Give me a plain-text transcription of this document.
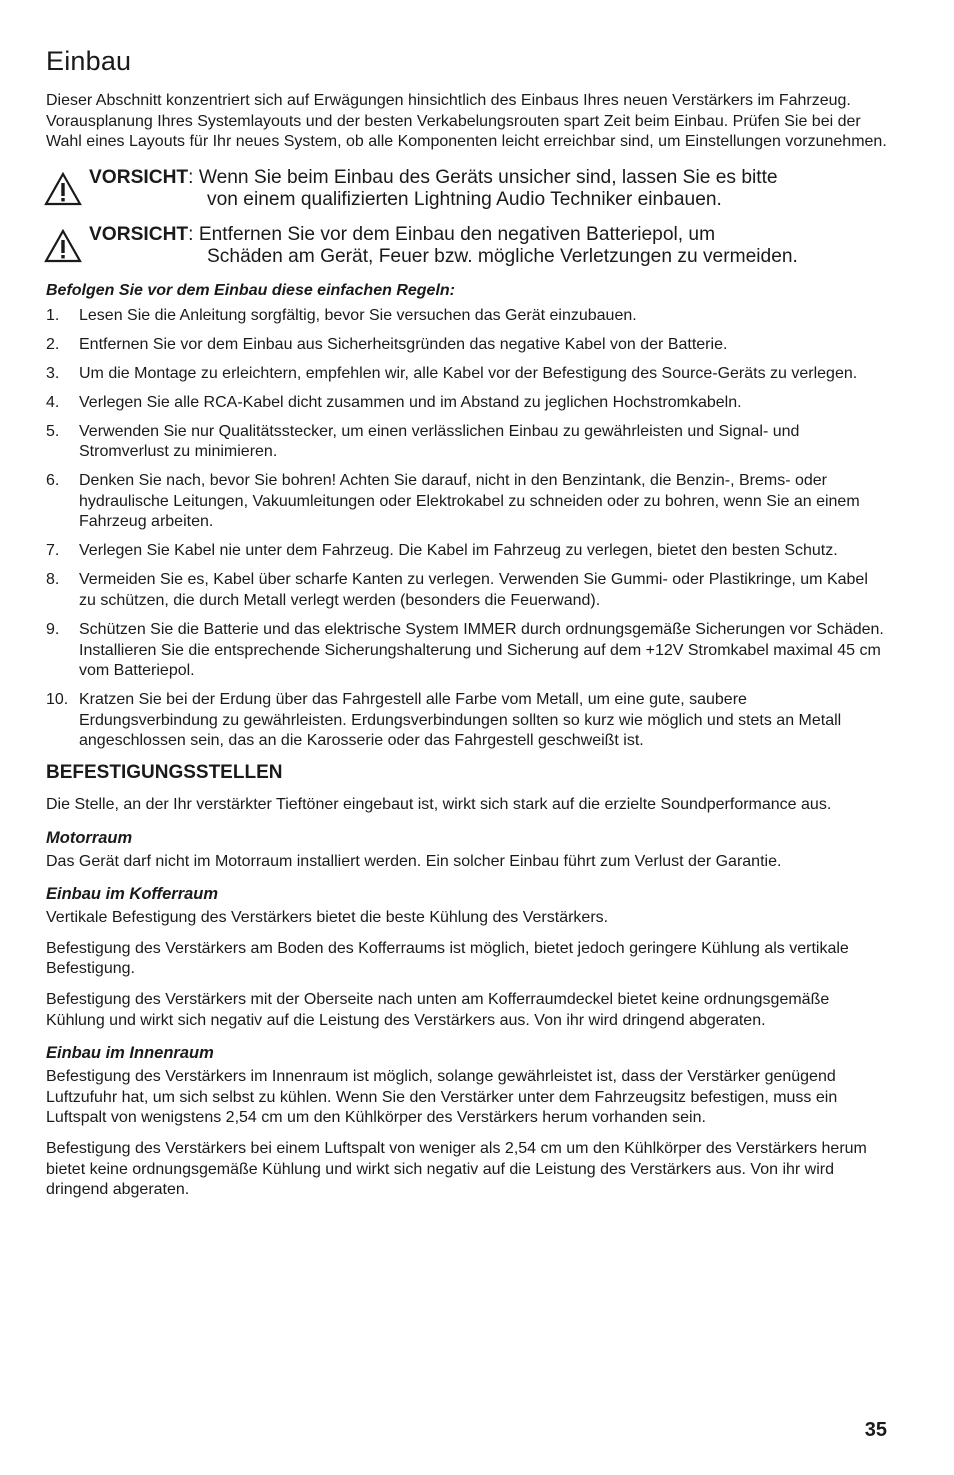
Einbau

Dieser Abschnitt konzentriert sich auf Erwägungen hinsichtlich des Einbaus Ihres neuen Verstärkers im Fahrzeug. Vorausplanung Ihres Systemlayouts und der besten Verkabelungsrouten spart Zeit beim Einbau. Prüfen Sie bei der Wahl eines Layouts für Ihr neues System, ob alle Komponenten leicht erreichbar sind, um Einstellungen vorzunehmen.

VORSICHT: Wenn Sie beim Einbau des Geräts unsicher sind, lassen Sie es bitte
von einem qualifizierten Lightning Audio Techniker einbauen.
VORSICHT: Entfernen Sie vor dem Einbau den negativen Batteriepol, um
Schäden am Gerät, Feuer bzw. mögliche Verletzungen zu vermeiden.

Befolgen Sie vor dem Einbau diese einfachen Regeln:

1. Lesen Sie die Anleitung sorgfältig, bevor Sie versuchen das Gerät einzubauen.
2. Entfernen Sie vor dem Einbau aus Sicherheitsgründen das negative Kabel von der Batterie.
3. Um die Montage zu erleichtern, empfehlen wir, alle Kabel vor der Befestigung des Source-Geräts zu verlegen.
4. Verlegen Sie alle RCA-Kabel dicht zusammen und im Abstand zu jeglichen Hochstromkabeln.
5. Verwenden Sie nur Qualitätsstecker, um einen verlässlichen Einbau zu gewährleisten und Signal- und Stromverlust zu minimieren.
6. Denken Sie nach, bevor Sie bohren! Achten Sie darauf, nicht in den Benzintank, die Benzin-, Brems- oder hydraulische Leitungen, Vakuumleitungen oder Elektrokabel zu schneiden oder zu bohren, wenn Sie an einem Fahrzeug arbeiten.
7. Verlegen Sie Kabel nie unter dem Fahrzeug. Die Kabel im Fahrzeug zu verlegen, bietet den besten Schutz.
8. Vermeiden Sie es, Kabel über scharfe Kanten zu verlegen. Verwenden Sie Gummi- oder Plastikringe, um Kabel zu schützen, die durch Metall verlegt werden (besonders die Feuerwand).
9. Schützen Sie die Batterie und das elektrische System IMMER durch ordnungsgemäße Sicherungen vor Schäden. Installieren Sie die entsprechende Sicherungshalterung und Sicherung auf dem +12V Stromkabel maximal 45 cm vom Batteriepol.
10. Kratzen Sie bei der Erdung über das Fahrgestell alle Farbe vom Metall, um eine gute, saubere Erdungsverbindung zu gewährleisten. Erdungsverbindungen sollten so kurz wie möglich und stets an Metall angeschlossen sein, das an die Karosserie oder das Fahrgestell geschweißt ist.
BEFESTIGUNGSSTELLEN

Die Stelle, an der Ihr verstärkter Tieftöner eingebaut ist, wirkt sich stark auf die erzielte Soundperformance aus.

Motorraum

Das Gerät darf nicht im Motorraum installiert werden. Ein solcher Einbau führt zum Verlust der Garantie.

Einbau im Kofferraum

Vertikale Befestigung des Verstärkers bietet die beste Kühlung des Verstärkers.

Befestigung des Verstärkers am Boden des Kofferraums ist möglich, bietet jedoch geringere Kühlung als vertikale Befestigung.

Befestigung des Verstärkers mit der Oberseite nach unten am Kofferraumdeckel bietet keine ordnungsgemäße Kühlung und wirkt sich negativ auf die Leistung des Verstärkers aus. Von ihr wird dringend abgeraten.

Einbau im Innenraum

Befestigung des Verstärkers im Innenraum ist möglich, solange gewährleistet ist, dass der Verstärker genügend Luftzufuhr hat, um sich selbst zu kühlen. Wenn Sie den Verstärker unter dem Fahrzeugsitz befestigen, muss ein Luftspalt von wenigstens 2,54 cm um den Kühlkörper des Verstärkers herum vorhanden sein.

Befestigung des Verstärkers bei einem Luftspalt von weniger als 2,54 cm um den Kühlkörper des Verstärkers herum bietet keine ordnungsgemäße Kühlung und wirkt sich negativ auf die Leistung des Verstärkers aus. Von ihr wird dringend abgeraten.

35
